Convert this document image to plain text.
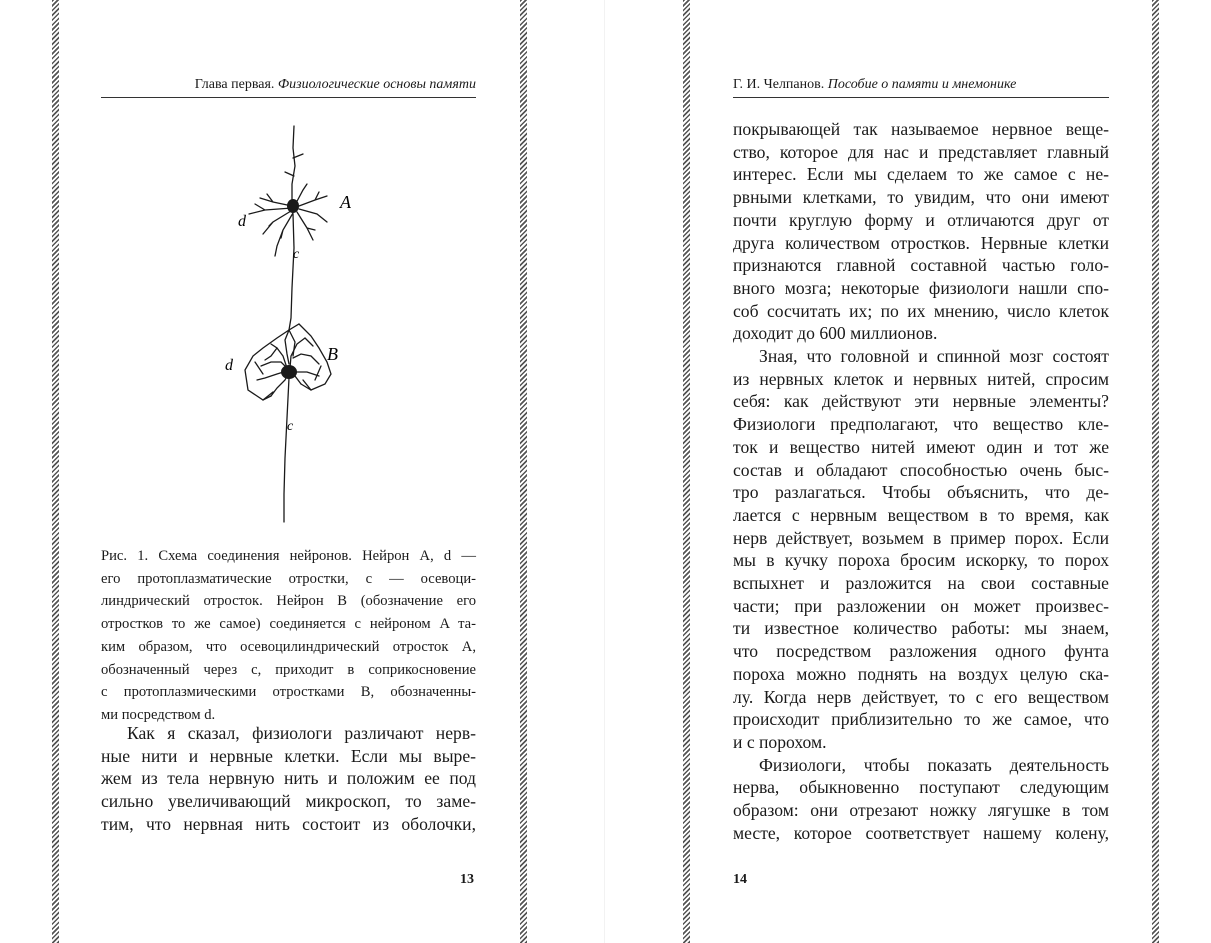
Глава первая. Физиологические основы памяти
A
d
c
B
d
c
Рис. 1. Схема соединения нейронов. Нейрон A, d —
его протоплазматические отростки, c — осевоци-
линдрический отросток. Нейрон B (обозначение его
отростков то же самое) соединяется с нейроном A та-
ким образом, что осевоцилиндрический отросток A,
обозначенный через c, приходит в соприкосновение
с протоплазмическими отростками B, обозначенны-
ми посредством d.
Как я сказал, физиологи различают нерв-
ные нити и нервные клетки. Если мы выре-
жем из тела нервную нить и положим ее под
сильно увеличивающий микроскоп, то заме-
тим, что нервная нить состоит из оболочки,
13
Г. И. Челпанов. Пособие о памяти и мнемонике
покрывающей так называемое нервное веще-
ство, которое для нас и представляет главный
интерес. Если мы сделаем то же самое с не-
рвными клетками, то увидим, что они имеют
почти круглую форму и отличаются друг от
друга количеством отростков. Нервные клетки
признаются главной составной частью голо-
вного мозга; некоторые физиологи нашли спо-
соб сосчитать их; по их мнению, число клеток
доходит до 600 миллионов.
Зная, что головной и спинной мозг состоят
из нервных клеток и нервных нитей, спросим
себя: как действуют эти нервные элементы?
Физиологи предполагают, что вещество кле-
ток и вещество нитей имеют один и тот же
состав и обладают способностью очень быс-
тро разлагаться. Чтобы объяснить, что де-
лается с нервным веществом в то время, как
нерв действует, возьмем в пример порох. Если
мы в кучку пороха бросим искорку, то порох
вспыхнет и разложится на свои составные
части; при разложении он может произвес-
ти известное количество работы: мы знаем,
что посредством разложения одного фунта
пороха можно поднять на воздух целую ска-
лу. Когда нерв действует, то с его веществом
происходит приблизительно то же самое, что
и с порохом.
Физиологи, чтобы показать деятельность
нерва, обыкновенно поступают следующим
образом: они отрезают ножку лягушке в том
месте, которое соответствует нашему колену,
14
